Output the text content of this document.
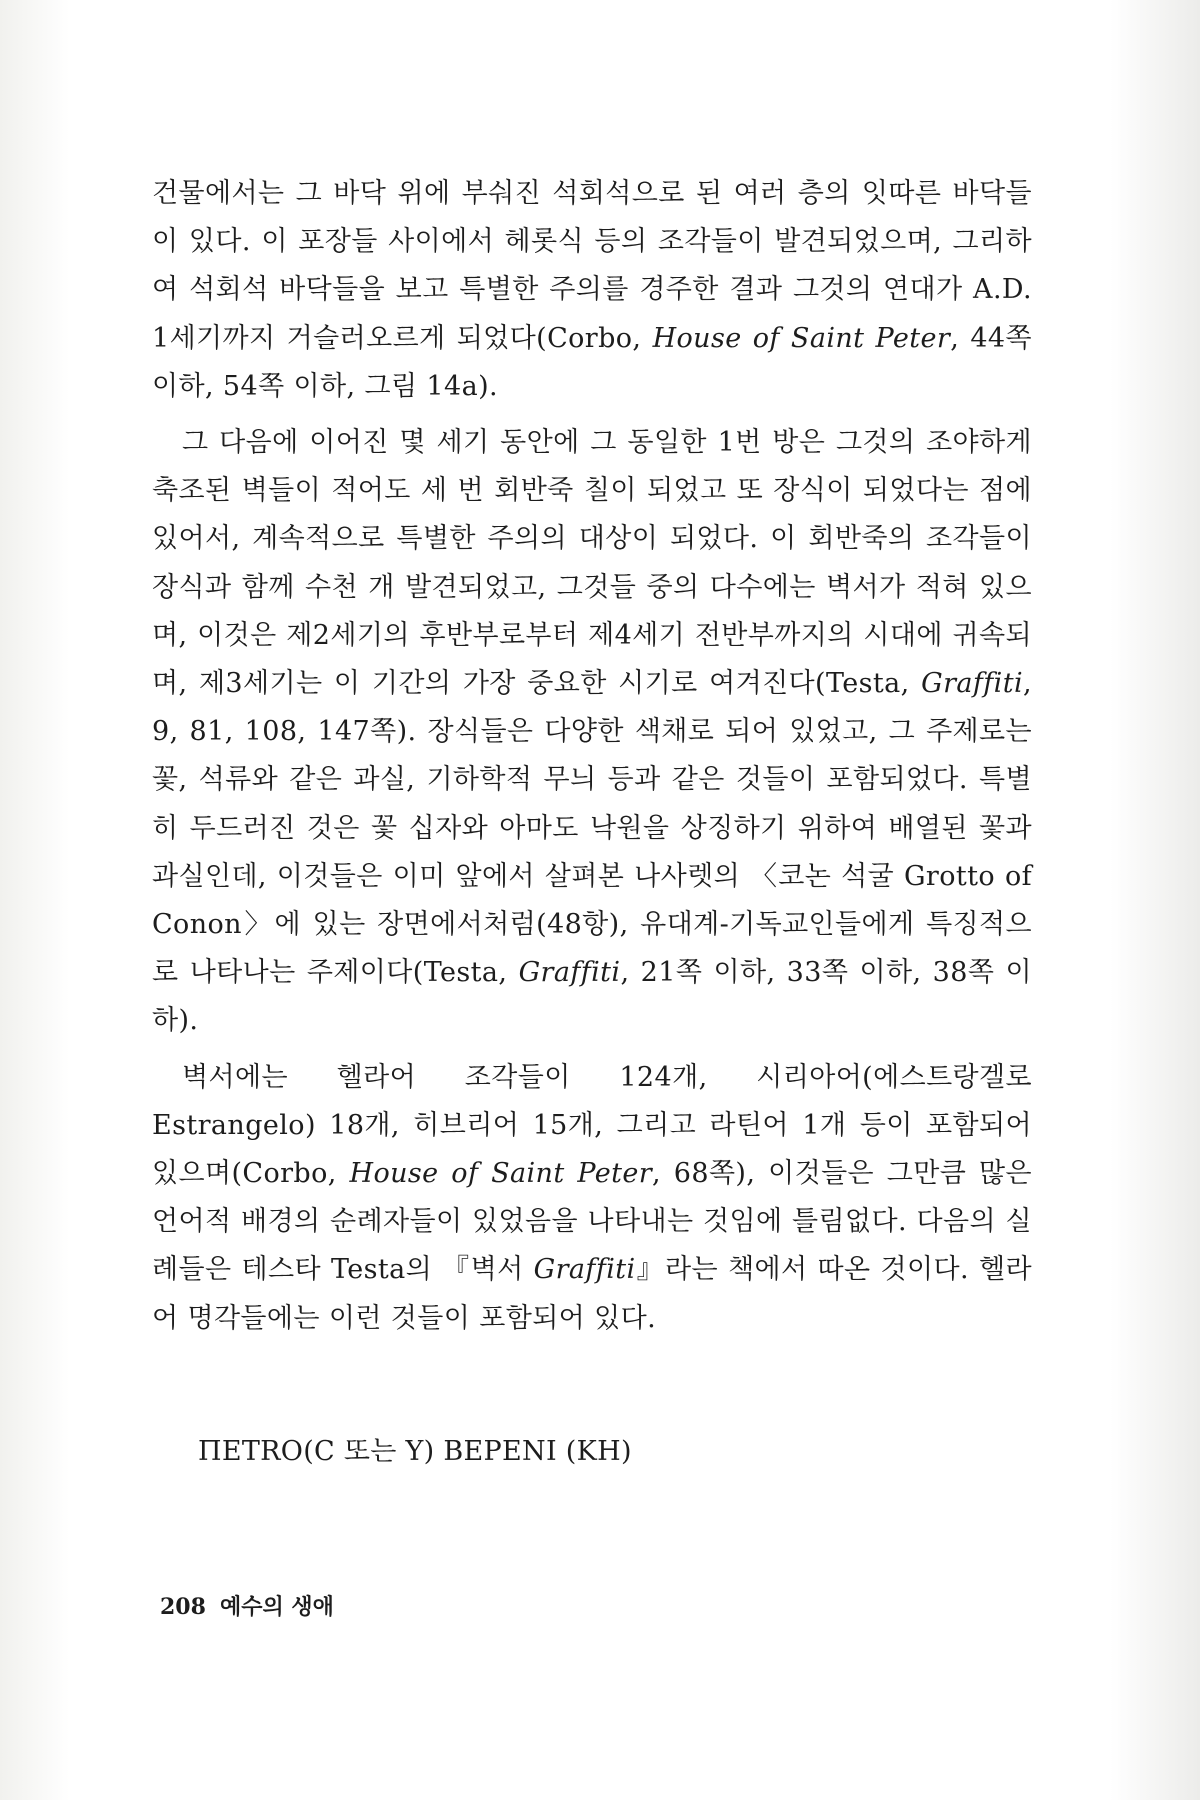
건물에서는 그 바닥 위에 부숴진 석회석으로 된 여러 층의 잇따른 바닥들이 있다. 이 포장들 사이에서 헤롯식 등의 조각들이 발견되었으며, 그리하여 석회석 바닥들을 보고 특별한 주의를 경주한 결과 그것의 연대가 A.D. 1세기까지 거슬러오르게 되었다(Corbo, House of Saint Peter, 44쪽 이하, 54쪽 이하, 그림 14a).

그 다음에 이어진 몇 세기 동안에 그 동일한 1번 방은 그것의 조야하게 축조된 벽들이 적어도 세 번 회반죽 칠이 되었고 또 장식이 되었다는 점에 있어서, 계속적으로 특별한 주의의 대상이 되었다. 이 회반죽의 조각들이 장식과 함께 수천 개 발견되었고, 그것들 중의 다수에는 벽서가 적혀 있으며, 이것은 제2세기의 후반부로부터 제4세기 전반부까지의 시대에 귀속되며, 제3세기는 이 기간의 가장 중요한 시기로 여겨진다(Testa, Graffiti, 9, 81, 108, 147쪽). 장식들은 다양한 색채로 되어 있었고, 그 주제로는 꽃, 석류와 같은 과실, 기하학적 무늬 등과 같은 것들이 포함되었다. 특별히 두드러진 것은 꽃 십자와 아마도 낙원을 상징하기 위하여 배열된 꽃과 과실인데, 이것들은 이미 앞에서 살펴본 나사렛의 〈코논 석굴 Grotto of Conon〉에 있는 장면에서처럼(48항), 유대계-기독교인들에게 특징적으로 나타나는 주제이다(Testa, Graffiti, 21쪽 이하, 33쪽 이하, 38쪽 이하).

벽서에는 헬라어 조각들이 124개, 시리아어(에스트랑겔로 Estrangelo) 18개, 히브리어 15개, 그리고 라틴어 1개 등이 포함되어 있으며(Corbo, House of Saint Peter, 68쪽), 이것들은 그만큼 많은 언어적 배경의 순례자들이 있었음을 나타내는 것임에 틀림없다. 다음의 실례들은 테스타 Testa의 『벽서 Graffiti』라는 책에서 따온 것이다. 헬라어 명각들에는 이런 것들이 포함되어 있다.

ΠΕΤRO(C 또는 Y) BEPENI (KH)
208 예수의 생애
